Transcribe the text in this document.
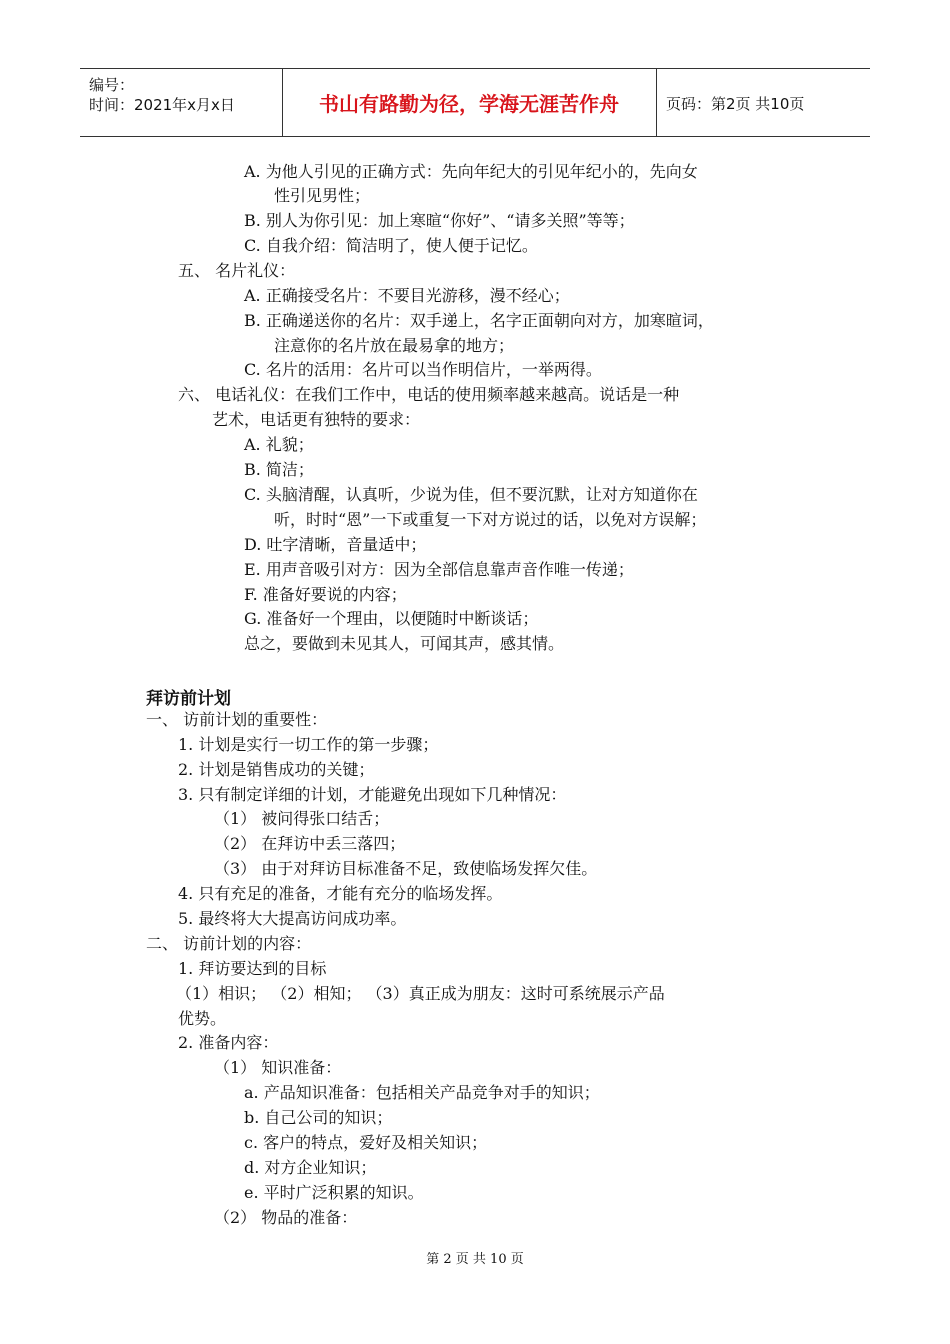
编号：
时间：2021年x月x日	书山有路勤为径，学海无涯苦作舟	页码：第2页 共10页
A. 为他人引见的正确方式：先向年纪大的引见年纪小的，先向女
性引见男性；
B. 别人为你引见：加上寒暄“你好”、“请多关照”等等；
C. 自我介绍：简洁明了，使人便于记忆。
五、 名片礼仪：
A. 正确接受名片：不要目光游移，漫不经心；
B. 正确递送你的名片：双手递上，名字正面朝向对方，加寒暄词，
注意你的名片放在最易拿的地方；
C. 名片的活用：名片可以当作明信片，一举两得。
六、 电话礼仪：在我们工作中，电话的使用频率越来越高。说话是一种
艺术，电话更有独特的要求：
A. 礼貌；
B. 简洁；
C. 头脑清醒，认真听，少说为佳，但不要沉默，让对方知道你在
听，时时“恩”一下或重复一下对方说过的话，以免对方误解；
D. 吐字清晰，音量适中；
E. 用声音吸引对方：因为全部信息靠声音作唯一传递；
F. 准备好要说的内容；
G. 准备好一个理由，以便随时中断谈话；
总之，要做到未见其人，可闻其声，感其情。
拜访前计划
一、 访前计划的重要性：
1. 计划是实行一切工作的第一步骤；
2. 计划是销售成功的关键；
3. 只有制定详细的计划，才能避免出现如下几种情况：
（1） 被问得张口结舌；
（2） 在拜访中丢三落四；
（3） 由于对拜访目标准备不足，致使临场发挥欠佳。
4. 只有充足的准备，才能有充分的临场发挥。
5. 最终将大大提高访问成功率。
二、 访前计划的内容：
1. 拜访要达到的目标
（1）相识； （2）相知； （3）真正成为朋友：这时可系统展示产品
优势。
2. 准备内容：
（1） 知识准备：
a. 产品知识准备：包括相关产品竞争对手的知识；
b. 自己公司的知识；
c. 客户的特点，爱好及相关知识；
d. 对方企业知识；
e. 平时广泛积累的知识。
（2） 物品的准备：
第 2 页 共 10 页
